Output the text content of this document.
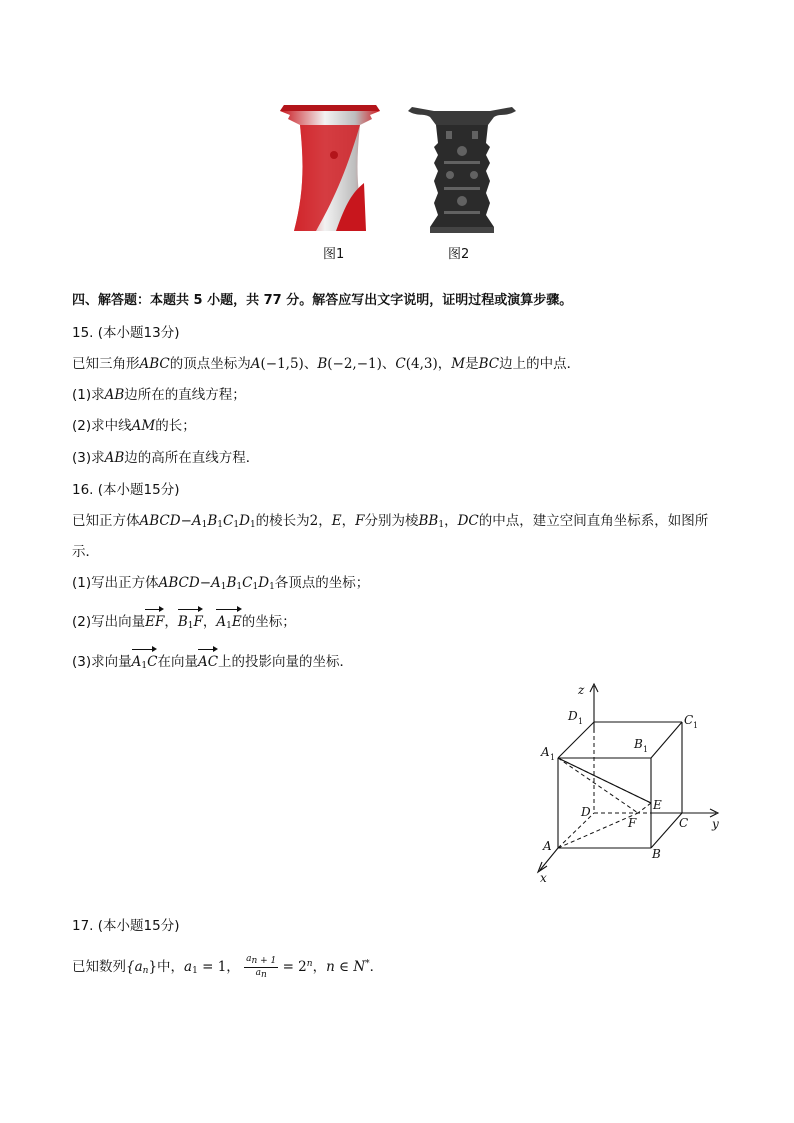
图1	图2
四、解答题：本题共 5 小题，共 77 分。解答应写出文字说明，证明过程或演算步骤。
15. (本小题13分)
已知三角形ABC的顶点坐标为A(−1,5)、B(−2,−1)、C(4,3)，M是BC边上的中点．
(1)求AB边所在的直线方程；
(2)求中线AM的长；
(3)求AB边的高所在直线方程．
16. (本小题15分)
已知正方体$ABCD-A_1B_1C_1D_1$的棱长为2，E，F分别为棱$BB_1$，DC的中点，建立空间直角坐标系，如图所
示．
(1)写出正方体$ABCD-A_1B_1C_1D_1$各顶点的坐标；
(2)写出向量EF，$B_1F$，$A_1E$的坐标；
(3)求向量$A_1C$在向量AC上的投影向量的坐标．
z
y
x
D 1	C 1
A 1
B 1
D	E
F	C
A
B
17. (本小题15分)
已知数列$\{a_n\}$中，$a_1 = 1$， $\frac{a_{n + 1}}{a_n} = 2^n$，n ∈ N*．
